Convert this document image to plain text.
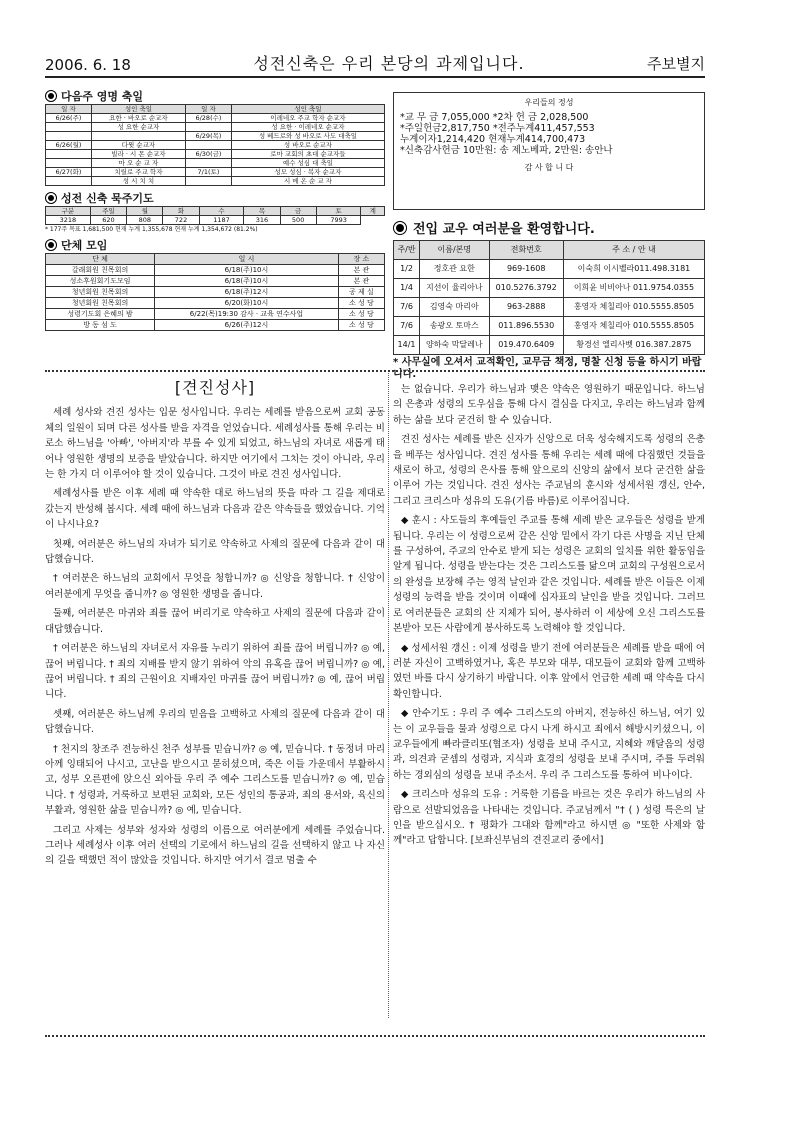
2006. 6. 18	성전신축은 우리 본당의 과제입니다.	주보별지
다음주 영명 축일
일 자	성인 축일	일 자	성인 축일
6/26(주)	요한 · 바오로 순교자	6/28(수)	이레네오 주교 학자 순교자
	성 요한 순교자		성 요한 · 이레네오 순교자
		6/29(목)	성 베드로와 성 바오로 사도 대축일
6/26(월)	다윗 순교자		성 바오로 순교자
	빌라 · 시 몬 순교자	6/30(금)	로마 교회의 초대 순교자들
	마 오 순 교 자		예수 성심 대 축일
6/27(화)	치릴로 주교 학자	7/1(토)	성모 성심 · 복자 순교자
	성 시 치 치		시 메 온 순 교 자
성전 신축 묵주기도
구분	주일	월	화	수	목	금	토	계
3218	620	808	722	1187	316	500	7993	
* 177주 목표 1,681,500 현재 누계 1,355,678 현재 누계 1,354,672 (81.2%)
단체 모임
단 체	일 시	장 소
갈래회원 친목회의	6/18(주)10시	본 관
성소후원회기도모임	6/18(주)10시	본 관
청년회원 친목회의	6/18(주)12시	공 제 실
청년회원 친목회의	6/20(화)10시	소 성 당
성령기도회 은혜의 밤	6/22(목)19:30 감사 · 교육 연수사업	소 성 당
방 동 섬 도	6/26(주)12시	소 성 당
우리들의 정성
*교 무 금 7,055,000 *2차 헌 금 2,028,500
*주일헌금2,817,750 *전주누계411,457,553
누계이자1,214,420 현재누계414,700,473
*신축감사헌금 10만원: 송 제노베파, 2만원: 송안나
감 사 합 니 다
전입 교우 여러분을 환영합니다.
주/반	이름/본명	전화번호	주 소 / 안 내
1/2	정호관 요한	969-1608	이숙희 이시벨라011.498.3181
1/4	지선이 율리아나	010.5276.3792	이희윤 비비아나 011.9754.0355
7/6	김영숙 마리아	963-2888	홍영자 체칠리아 010.5555.8505
7/6	송광오 토마스	011.896.5530	홍영자 체칠리아 010.5555.8505
14/1	양하숙 막달레나	019.470.6409	황경선 엘리사벳 016.387.2875
* 사무실에 오셔서 교적확인, 교무금 책정, 명찰 신청 등을 하시기 바랍니다.
[견진성사]

세례 성사와 견진 성사는 입문 성사입니다. 우리는 세례를 받음으로써 교회 공동체의 일원이 되며 다른 성사를 받을 자격을 얻었습니다. 세례성사를 통해 우리는 비로소 하느님을 '아빠', '아버지'라 부를 수 있게 되었고, 하느님의 자녀로 새롭게 태어나 영원한 생명의 보증을 받았습니다. 하지만 여기에서 그치는 것이 아니라, 우리는 한 가지 더 이루어야 할 것이 있습니다. 그것이 바로 견진 성사입니다.

세례성사를 받은 이후 세례 때 약속한 대로 하느님의 뜻을 따라 그 길을 제대로 갔는지 반성해 봅시다. 세례 때에 하느님과 다음과 같은 약속들을 했었습니다. 기억이 나시나요?

첫째, 여러분은 하느님의 자녀가 되기로 약속하고 사제의 질문에 다음과 같이 대답했습니다.

† 여러분은 하느님의 교회에서 무엇을 청합니까? ◎ 신앙을 청합니다. † 신앙이 여러분에게 무엇을 줍니까? ◎ 영원한 생명을 줍니다.

둘째, 여러분은 마귀와 죄를 끊어 버리기로 약속하고 사제의 질문에 다음과 같이 대답했습니다.

† 여러분은 하느님의 자녀로서 자유를 누리기 위하여 죄를 끊어 버립니까? ◎ 예, 끊어 버립니다. † 죄의 지배를 받지 않기 위하여 악의 유혹을 끊어 버립니까? ◎ 예, 끊어 버립니다. † 죄의 근원이요 지배자인 마귀를 끊어 버립니까? ◎ 예, 끊어 버립니다.

셋째, 여러분은 하느님께 우리의 믿음을 고백하고 사제의 질문에 다음과 같이 대답했습니다.

† 천지의 창조주 전능하신 천주 성부를 믿습니까? ◎ 예, 믿습니다. † 동정녀 마리아께 잉태되어 나시고, 고난을 받으시고 묻히셨으며, 죽은 이들 가운데서 부활하시고, 성부 오른편에 앉으신 외아들 우리 주 예수 그리스도를 믿습니까? ◎ 예, 믿습니다. † 성령과, 거룩하고 보편된 교회와, 모든 성인의 통공과, 죄의 용서와, 육신의 부활과, 영원한 삶을 믿습니까? ◎ 예, 믿습니다.

그리고 사제는 성부와 성자와 성령의 이름으로 여러분에게 세례를 주었습니다. 그러나 세례성사 이후 여러 선택의 기로에서 하느님의 길을 선택하지 않고 나 자신의 길을 택했던 적이 많았을 것입니다. 하지만 여기서 결코 멈출 수

는 없습니다. 우리가 하느님과 맺은 약속은 영원하기 때문입니다. 하느님의 은총과 성령의 도우심을 통해 다시 결심을 다지고, 우리는 하느님과 함께 하는 삶을 보다 굳건히 할 수 있습니다.

견진 성사는 세례를 받은 신자가 신앙으로 더욱 성숙해지도록 성령의 은총을 베푸는 성사입니다. 견진 성사를 통해 우리는 세례 때에 다짐했던 것들을 새로이 하고, 성령의 은사를 통해 앞으로의 신앙의 삶에서 보다 굳건한 삶을 이루어 가는 것입니다. 견진 성사는 주교님의 훈시와 성세서원 갱신, 안수, 그리고 크리스마 성유의 도유(기름 바름)로 이루어집니다.

◆ 훈시 : 사도들의 후예들인 주교를 통해 세례 받은 교우들은 성령을 받게 됩니다. 우리는 이 성령으로써 같은 신앙 밑에서 각기 다른 사명을 지닌 단체를 구성하여, 주교의 안수로 받게 되는 성령은 교회의 일치를 위한 활동임을 알게 됩니다. 성령을 받는다는 것은 그리스도를 닮으며 교회의 구성원으로서의 완성을 보장해 주는 영적 날인과 같은 것입니다. 세례를 받은 이들은 이제 성령의 능력을 받을 것이며 이때에 십자표의 날인을 받을 것입니다. 그러므로 여러분들은 교회의 산 지체가 되어, 봉사하러 이 세상에 오신 그리스도를 본받아 모든 사람에게 봉사하도록 노력해야 할 것입니다.

◆ 성세서원 갱신 : 이제 성령을 받기 전에 여러분들은 세례를 받을 때에 여러분 자신이 고백하였거나, 혹은 부모와 대부, 대모들이 교회와 함께 고백하였던 바를 다시 상기하기 바랍니다. 이후 앞에서 언급한 세례 때 약속을 다시 확인합니다.

◆ 안수기도 : 우리 주 예수 그리스도의 아버지, 전능하신 하느님, 여기 있는 이 교우들을 물과 성령으로 다시 나게 하시고 죄에서 해방시키셨으니, 이 교우들에게 빠라클리또(협조자) 성령을 보내 주시고, 지혜와 깨달음의 성령과, 의견과 굳셈의 성령과, 지식과 효경의 성령을 보내 주시며, 주를 두려워하는 경외심의 성령을 보내 주소서. 우리 주 그리스도를 통하여 비나이다.

◆ 크리스마 성유의 도유 : 거룩한 기름을 바르는 것은 우리가 하느님의 사람으로 선발되었음을 나타내는 것입니다. 주교님께서 "† ( ) 성령 특은의 날인을 받으십시오. † 평화가 그대와 함께"라고 하시면 ◎ "또한 사제와 함께"라고 답합니다. [보좌신부님의 견진교리 중에서]
